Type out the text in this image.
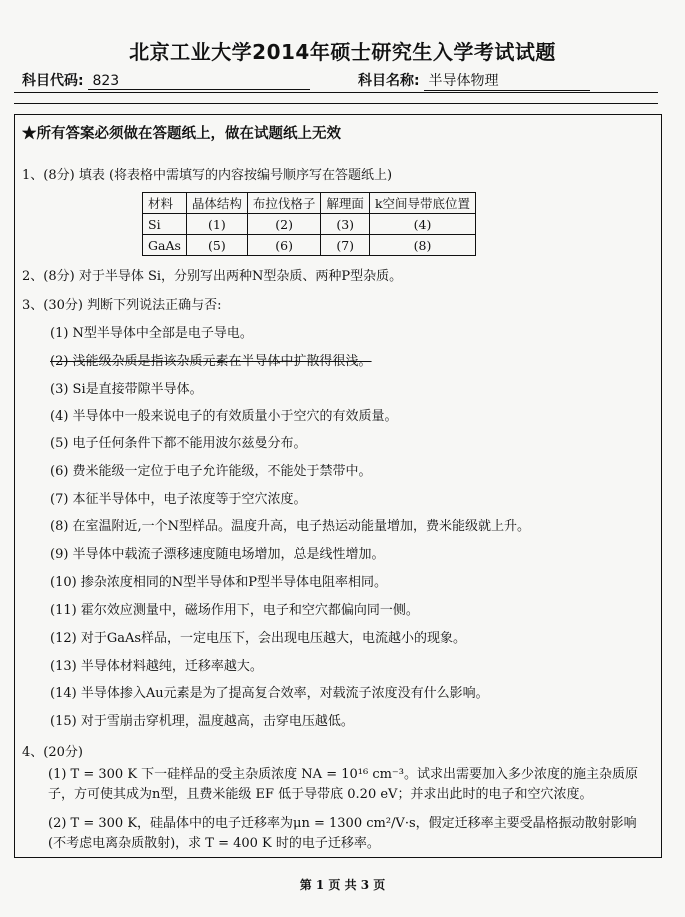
北京工业大学2014年硕士研究生入学考试试题
科目代码: 823	科目名称: 半导体物理
★所有答案必须做在答题纸上，做在试题纸上无效
1、(8分) 填表 (将表格中需填写的内容按编号顺序写在答题纸上)
材料	晶体结构	布拉伐格子	解理面	k空间导带底位置
Si	(1)	(2)	(3)	(4)
GaAs	(5)	(6)	(7)	(8)
2、(8分) 对于半导体 Si，分别写出两种N型杂质、两种P型杂质。
3、(30分) 判断下列说法正确与否:
(1) N型半导体中全部是电子导电。
(2) 浅能级杂质是指该杂质元素在半导体中扩散得很浅。
(3) Si是直接带隙半导体。
(4) 半导体中一般来说电子的有效质量小于空穴的有效质量。
(5) 电子任何条件下都不能用波尔兹曼分布。
(6) 费米能级一定位于电子允许能级，不能处于禁带中。
(7) 本征半导体中，电子浓度等于空穴浓度。
(8) 在室温附近,一个N型样品。温度升高，电子热运动能量增加，费米能级就上升。
(9) 半导体中载流子漂移速度随电场增加，总是线性增加。
(10) 掺杂浓度相同的N型半导体和P型半导体电阻率相同。
(11) 霍尔效应测量中，磁场作用下，电子和空穴都偏向同一侧。
(12) 对于GaAs样品，一定电压下，会出现电压越大，电流越小的现象。
(13) 半导体材料越纯，迁移率越大。
(14) 半导体掺入Au元素是为了提高复合效率，对载流子浓度没有什么影响。
(15) 对于雪崩击穿机理，温度越高，击穿电压越低。
4、(20分)
(1) T = 300 K 下一硅样品的受主杂质浓度 NA = 10¹⁶ cm⁻³。试求出需要加入多少浓度的施主杂质原子，方可使其成为n型，且费米能级 EF 低于导带底 0.20 eV；并求出此时的电子和空穴浓度。
(2) T = 300 K，硅晶体中的电子迁移率为μn = 1300 cm²/V·s，假定迁移率主要受晶格振动散射影响 (不考虑电离杂质散射)，求 T = 400 K 时的电子迁移率。
第 1 页 共 3 页
